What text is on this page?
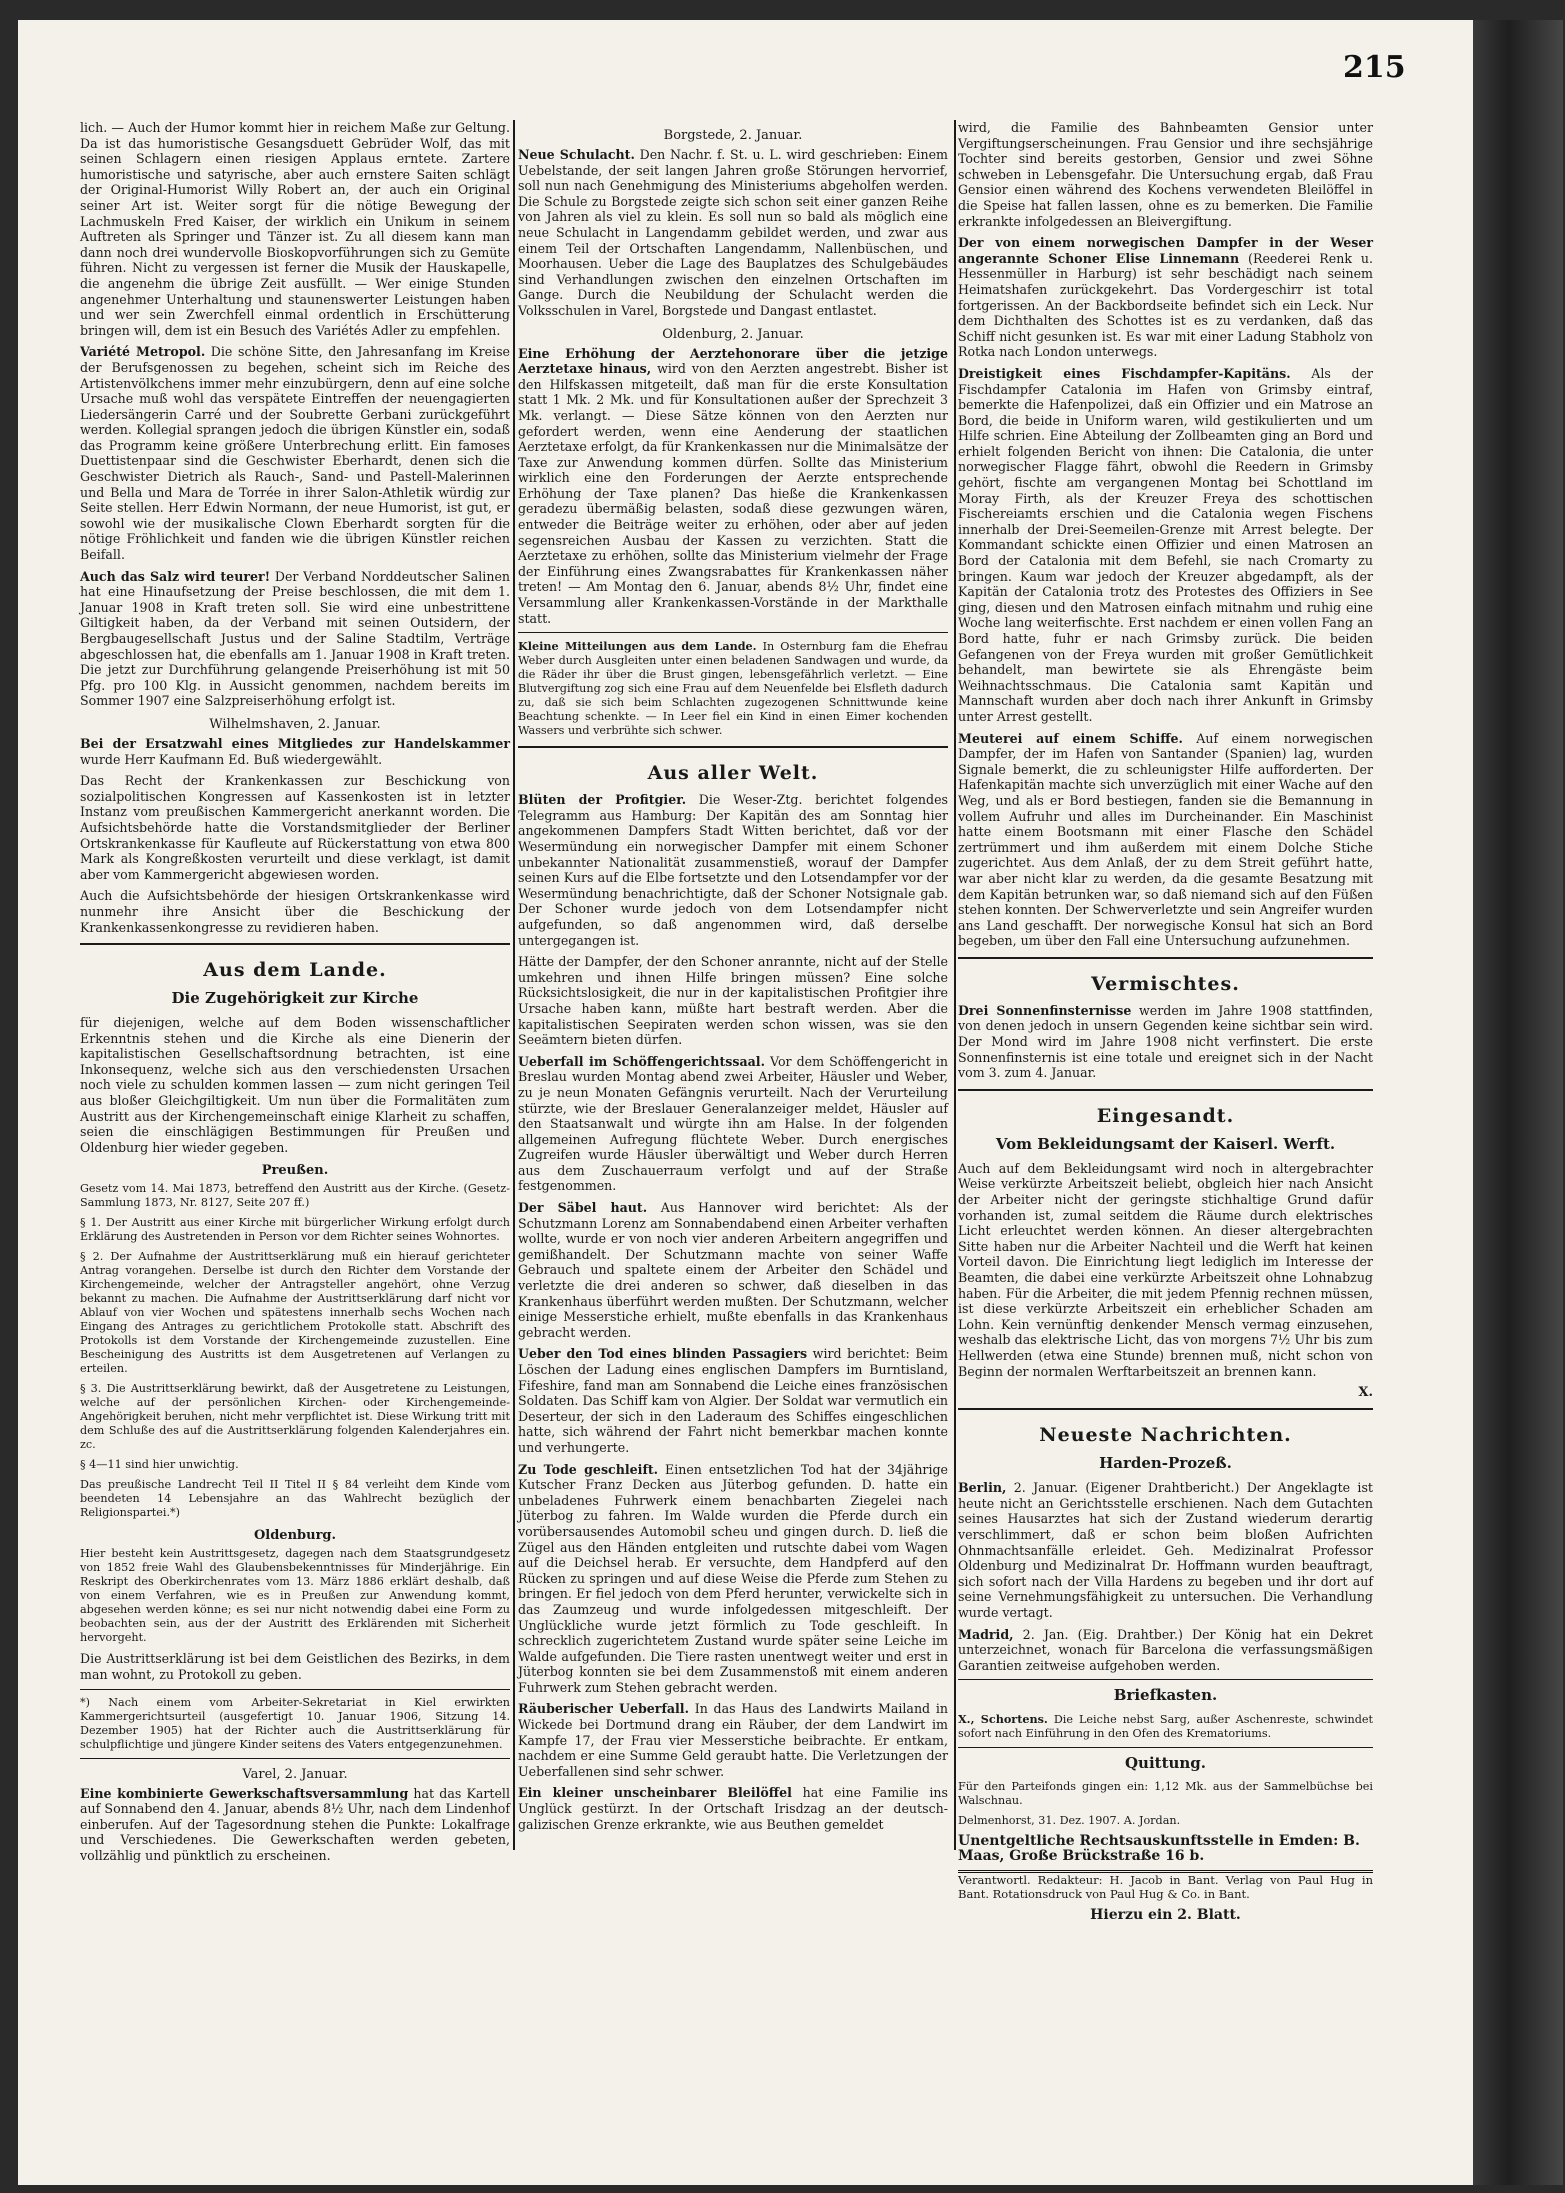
215

lich. — Auch der Humor kommt hier in reichem Maße zur Geltung. Da ist das humoristische Gesangsduett Gebrüder Wolf, das mit seinen Schlagern einen riesigen Applaus erntete. Zartere humoristische und satyrische, aber auch ernstere Saiten schlägt der Original-Humorist Willy Robert an, der auch ein Original seiner Art ist. Weiter sorgt für die nötige Bewegung der Lachmuskeln Fred Kaiser, der wirklich ein Unikum in seinem Auftreten als Springer und Tänzer ist. Zu all diesem kann man dann noch drei wundervolle Bioskopvorführungen sich zu Gemüte führen. Nicht zu vergessen ist ferner die Musik der Hauskapelle, die angenehm die übrige Zeit ausfüllt. — Wer einige Stunden angenehmer Unterhaltung und staunenswerter Leistungen haben und wer sein Zwerchfell einmal ordentlich in Erschütterung bringen will, dem ist ein Besuch des Variétés Adler zu empfehlen.

Variété Metropol. Die schöne Sitte, den Jahresanfang im Kreise der Berufsgenossen zu begehen, scheint sich im Reiche des Artistenvölkchens immer mehr einzubürgern, denn auf eine solche Ursache muß wohl das verspätete Eintreffen der neuengagierten Liedersängerin Carré und der Soubrette Gerbani zurückgeführt werden. Kollegial sprangen jedoch die übrigen Künstler ein, sodaß das Programm keine größere Unterbrechung erlitt. Ein famoses Duettistenpaar sind die Geschwister Eberhardt, denen sich die Geschwister Dietrich als Rauch-, Sand- und Pastell-Malerinnen und Bella und Mara de Torrée in ihrer Salon-Athletik würdig zur Seite stellen. Herr Edwin Normann, der neue Humorist, ist gut, er sowohl wie der musikalische Clown Eberhardt sorgten für die nötige Fröhlichkeit und fanden wie die übrigen Künstler reichen Beifall.

Auch das Salz wird teurer! Der Verband Norddeutscher Salinen hat eine Hinaufsetzung der Preise beschlossen, die mit dem 1. Januar 1908 in Kraft treten soll. Sie wird eine unbestrittene Giltigkeit haben, da der Verband mit seinen Outsidern, der Bergbaugesellschaft Justus und der Saline Stadtilm, Verträge abgeschlossen hat, die ebenfalls am 1. Januar 1908 in Kraft treten. Die jetzt zur Durchführung gelangende Preiserhöhung ist mit 50 Pfg. pro 100 Klg. in Aussicht genommen, nachdem bereits im Sommer 1907 eine Salzpreiserhöhung erfolgt ist.

Wilhelmshaven, 2. Januar.

Bei der Ersatzwahl eines Mitgliedes zur Handelskammer wurde Herr Kaufmann Ed. Buß wiedergewählt.

Das Recht der Krankenkassen zur Beschickung von sozialpolitischen Kongressen auf Kassenkosten ist in letzter Instanz vom preußischen Kammergericht anerkannt worden. Die Aufsichtsbehörde hatte die Vorstandsmitglieder der Berliner Ortskrankenkasse für Kaufleute auf Rückerstattung von etwa 800 Mark als Kongreßkosten verurteilt und diese verklagt, ist damit aber vom Kammergericht abgewiesen worden.

Auch die Aufsichtsbehörde der hiesigen Ortskrankenkasse wird nunmehr ihre Ansicht über die Beschickung der Krankenkassenkongresse zu revidieren haben.

Aus dem Lande.
Die Zugehörigkeit zur Kirche

für diejenigen, welche auf dem Boden wissenschaftlicher Erkenntnis stehen und die Kirche als eine Dienerin der kapitalistischen Gesellschaftsordnung betrachten, ist eine Inkonsequenz, welche sich aus den verschiedensten Ursachen noch viele zu schulden kommen lassen — zum nicht geringen Teil aus bloßer Gleichgiltigkeit. Um nun über die Formalitäten zum Austritt aus der Kirchengemeinschaft einige Klarheit zu schaffen, seien die einschlägigen Bestimmungen für Preußen und Oldenburg hier wieder gegeben.

Preußen.

Gesetz vom 14. Mai 1873, betreffend den Austritt aus der Kirche. (Gesetz-Sammlung 1873, Nr. 8127, Seite 207 ff.)

§ 1. Der Austritt aus einer Kirche mit bürgerlicher Wirkung erfolgt durch Erklärung des Austretenden in Person vor dem Richter seines Wohnortes.

§ 2. Der Aufnahme der Austrittserklärung muß ein hierauf gerichteter Antrag vorangehen. Derselbe ist durch den Richter dem Vorstande der Kirchengemeinde, welcher der Antragsteller angehört, ohne Verzug bekannt zu machen. Die Aufnahme der Austrittserklärung darf nicht vor Ablauf von vier Wochen und spätestens innerhalb sechs Wochen nach Eingang des Antrages zu gerichtlichem Protokolle statt. Abschrift des Protokolls ist dem Vorstande der Kirchengemeinde zuzustellen. Eine Bescheinigung des Austritts ist dem Ausgetretenen auf Verlangen zu erteilen.

§ 3. Die Austrittserklärung bewirkt, daß der Ausgetretene zu Leistungen, welche auf der persönlichen Kirchen- oder Kirchengemeinde-Angehörigkeit beruhen, nicht mehr verpflichtet ist. Diese Wirkung tritt mit dem Schluße des auf die Austrittserklärung folgenden Kalenderjahres ein. zc.

§ 4—11 sind hier unwichtig.

Das preußische Landrecht Teil II Titel II § 84 verleiht dem Kinde vom beendeten 14 Lebensjahre an das Wahlrecht bezüglich der Religionspartei.*)

Oldenburg.

Hier besteht kein Austrittsgesetz, dagegen nach dem Staatsgrundgesetz von 1852 freie Wahl des Glaubensbekenntnisses für Minderjährige. Ein Reskript des Oberkirchenrates vom 13. März 1886 erklärt deshalb, daß von einem Verfahren, wie es in Preußen zur Anwendung kommt, abgesehen werden könne; es sei nur nicht notwendig dabei eine Form zu beobachten sein, aus der der Austritt des Erklärenden mit Sicherheit hervorgeht.

Die Austrittserklärung ist bei dem Geistlichen des Bezirks, in dem man wohnt, zu Protokoll zu geben.

*) Nach einem vom Arbeiter-Sekretariat in Kiel erwirkten Kammergerichtsurteil (ausgefertigt 10. Januar 1906, Sitzung 14. Dezember 1905) hat der Richter auch die Austrittserklärung für schulpflichtige und jüngere Kinder seitens des Vaters entgegenzunehmen.

Varel, 2. Januar.

Eine kombinierte Gewerkschaftsversammlung hat das Kartell auf Sonnabend den 4. Januar, abends 8½ Uhr, nach dem Lindenhof einberufen. Auf der Tagesordnung stehen die Punkte: Lokalfrage und Verschiedenes. Die Gewerkschaften werden gebeten, vollzählig und pünktlich zu erscheinen.

Borgstede, 2. Januar.

Neue Schulacht. Den Nachr. f. St. u. L. wird geschrieben: Einem Uebelstande, der seit langen Jahren große Störungen hervorrief, soll nun nach Genehmigung des Ministeriums abgeholfen werden. Die Schule zu Borgstede zeigte sich schon seit einer ganzen Reihe von Jahren als viel zu klein. Es soll nun so bald als möglich eine neue Schulacht in Langendamm gebildet werden, und zwar aus einem Teil der Ortschaften Langendamm, Nallenbüschen, und Moorhausen. Ueber die Lage des Bauplatzes des Schulgebäudes sind Verhandlungen zwischen den einzelnen Ortschaften im Gange. Durch die Neubildung der Schulacht werden die Volksschulen in Varel, Borgstede und Dangast entlastet.

Oldenburg, 2. Januar.

Eine Erhöhung der Aerztehonorare über die jetzige Aerztetaxe hinaus, wird von den Aerzten angestrebt. Bisher ist den Hilfskassen mitgeteilt, daß man für die erste Konsultation statt 1 Mk. 2 Mk. und für Konsultationen außer der Sprechzeit 3 Mk. verlangt. — Diese Sätze können von den Aerzten nur gefordert werden, wenn eine Aenderung der staatlichen Aerztetaxe erfolgt, da für Krankenkassen nur die Minimalsätze der Taxe zur Anwendung kommen dürfen. Sollte das Ministerium wirklich eine den Forderungen der Aerzte entsprechende Erhöhung der Taxe planen? Das hieße die Krankenkassen geradezu übermäßig belasten, sodaß diese gezwungen wären, entweder die Beiträge weiter zu erhöhen, oder aber auf jeden segensreichen Ausbau der Kassen zu verzichten. Statt die Aerztetaxe zu erhöhen, sollte das Ministerium vielmehr der Frage der Einführung eines Zwangsrabattes für Krankenkassen näher treten! — Am Montag den 6. Januar, abends 8½ Uhr, findet eine Versammlung aller Krankenkassen-Vorstände in der Markthalle statt.

Kleine Mitteilungen aus dem Lande. In Osternburg fam die Ehefrau Weber durch Ausgleiten unter einen beladenen Sandwagen und wurde, da die Räder ihr über die Brust gingen, lebensgefährlich verletzt. — Eine Blutvergiftung zog sich eine Frau auf dem Neuenfelde bei Elsfleth dadurch zu, daß sie sich beim Schlachten zugezogenen Schnittwunde keine Beachtung schenkte. — In Leer fiel ein Kind in einen Eimer kochenden Wassers und verbrühte sich schwer.

Aus aller Welt.

Blüten der Profitgier. Die Weser-Ztg. berichtet folgendes Telegramm aus Hamburg: Der Kapitän des am Sonntag hier angekommenen Dampfers Stadt Witten berichtet, daß vor der Wesermündung ein norwegischer Dampfer mit einem Schoner unbekannter Nationalität zusammenstieß, worauf der Dampfer seinen Kurs auf die Elbe fortsetzte und den Lotsendampfer vor der Wesermündung benachrichtigte, daß der Schoner Notsignale gab. Der Schoner wurde jedoch von dem Lotsendampfer nicht aufgefunden, so daß angenommen wird, daß derselbe untergegangen ist.

Hätte der Dampfer, der den Schoner anrannte, nicht auf der Stelle umkehren und ihnen Hilfe bringen müssen? Eine solche Rücksichtslosigkeit, die nur in der kapitalistischen Profitgier ihre Ursache haben kann, müßte hart bestraft werden. Aber die kapitalistischen Seepiraten werden schon wissen, was sie den Seeämtern bieten dürfen.

Ueberfall im Schöffengerichtssaal. Vor dem Schöffengericht in Breslau wurden Montag abend zwei Arbeiter, Häusler und Weber, zu je neun Monaten Gefängnis verurteilt. Nach der Verurteilung stürzte, wie der Breslauer Generalanzeiger meldet, Häusler auf den Staatsanwalt und würgte ihn am Halse. In der folgenden allgemeinen Aufregung flüchtete Weber. Durch energisches Zugreifen wurde Häusler überwältigt und Weber durch Herren aus dem Zuschauerraum verfolgt und auf der Straße festgenommen.

Der Säbel haut. Aus Hannover wird berichtet: Als der Schutzmann Lorenz am Sonnabendabend einen Arbeiter verhaften wollte, wurde er von noch vier anderen Arbeitern angegriffen und gemißhandelt. Der Schutzmann machte von seiner Waffe Gebrauch und spaltete einem der Arbeiter den Schädel und verletzte die drei anderen so schwer, daß dieselben in das Krankenhaus überführt werden mußten. Der Schutzmann, welcher einige Messerstiche erhielt, mußte ebenfalls in das Krankenhaus gebracht werden.

Ueber den Tod eines blinden Passagiers wird berichtet: Beim Löschen der Ladung eines englischen Dampfers im Burntisland, Fifeshire, fand man am Sonnabend die Leiche eines französischen Soldaten. Das Schiff kam von Algier. Der Soldat war vermutlich ein Deserteur, der sich in den Laderaum des Schiffes eingeschlichen hatte, sich während der Fahrt nicht bemerkbar machen konnte und verhungerte.

Zu Tode geschleift. Einen entsetzlichen Tod hat der 34jährige Kutscher Franz Decken aus Jüterbog gefunden. D. hatte ein unbeladenes Fuhrwerk einem benachbarten Ziegelei nach Jüterbog zu fahren. Im Walde wurden die Pferde durch ein vorübersausendes Automobil scheu und gingen durch. D. ließ die Zügel aus den Händen entgleiten und rutschte dabei vom Wagen auf die Deichsel herab. Er versuchte, dem Handpferd auf den Rücken zu springen und auf diese Weise die Pferde zum Stehen zu bringen. Er fiel jedoch von dem Pferd herunter, verwickelte sich in das Zaumzeug und wurde infolgedessen mitgeschleift. Der Unglückliche wurde jetzt förmlich zu Tode geschleift. In schrecklich zugerichtetem Zustand wurde später seine Leiche im Walde aufgefunden. Die Tiere rasten unentwegt weiter und erst in Jüterbog konnten sie bei dem Zusammenstoß mit einem anderen Fuhrwerk zum Stehen gebracht werden.

Räuberischer Ueberfall. In das Haus des Landwirts Mailand in Wickede bei Dortmund drang ein Räuber, der dem Landwirt im Kampfe 17, der Frau vier Messerstiche beibrachte. Er entkam, nachdem er eine Summe Geld geraubt hatte. Die Verletzungen der Ueberfallenen sind sehr schwer.

Ein kleiner unscheinbarer Bleilöffel hat eine Familie ins Unglück gestürzt. In der Ortschaft Irisdzag an der deutsch-galizischen Grenze erkrankte, wie aus Beuthen gemeldet

wird, die Familie des Bahnbeamten Gensior unter Vergiftungserscheinungen. Frau Gensior und ihre sechsjährige Tochter sind bereits gestorben, Gensior und zwei Söhne schweben in Lebensgefahr. Die Untersuchung ergab, daß Frau Gensior einen während des Kochens verwendeten Bleilöffel in die Speise hat fallen lassen, ohne es zu bemerken. Die Familie erkrankte infolgedessen an Bleivergiftung.

Der von einem norwegischen Dampfer in der Weser angerannte Schoner Elise Linnemann (Reederei Renk u. Hessenmüller in Harburg) ist sehr beschädigt nach seinem Heimatshafen zurückgekehrt. Das Vordergeschirr ist total fortgerissen. An der Backbordseite befindet sich ein Leck. Nur dem Dichthalten des Schottes ist es zu verdanken, daß das Schiff nicht gesunken ist. Es war mit einer Ladung Stabholz von Rotka nach London unterwegs.

Dreistigkeit eines Fischdampfer-Kapitäns. Als der Fischdampfer Catalonia im Hafen von Grimsby eintraf, bemerkte die Hafenpolizei, daß ein Offizier und ein Matrose an Bord, die beide in Uniform waren, wild gestikulierten und um Hilfe schrien. Eine Abteilung der Zollbeamten ging an Bord und erhielt folgenden Bericht von ihnen: Die Catalonia, die unter norwegischer Flagge fährt, obwohl die Reedern in Grimsby gehört, fischte am vergangenen Montag bei Schottland im Moray Firth, als der Kreuzer Freya des schottischen Fischereiamts erschien und die Catalonia wegen Fischens innerhalb der Drei-Seemeilen-Grenze mit Arrest belegte. Der Kommandant schickte einen Offizier und einen Matrosen an Bord der Catalonia mit dem Befehl, sie nach Cromarty zu bringen. Kaum war jedoch der Kreuzer abgedampft, als der Kapitän der Catalonia trotz des Protestes des Offiziers in See ging, diesen und den Matrosen einfach mitnahm und ruhig eine Woche lang weiterfischte. Erst nachdem er einen vollen Fang an Bord hatte, fuhr er nach Grimsby zurück. Die beiden Gefangenen von der Freya wurden mit großer Gemütlichkeit behandelt, man bewirtete sie als Ehrengäste beim Weihnachtsschmaus. Die Catalonia samt Kapitän und Mannschaft wurden aber doch nach ihrer Ankunft in Grimsby unter Arrest gestellt.

Meuterei auf einem Schiffe. Auf einem norwegischen Dampfer, der im Hafen von Santander (Spanien) lag, wurden Signale bemerkt, die zu schleunigster Hilfe aufforderten. Der Hafenkapitän machte sich unverzüglich mit einer Wache auf den Weg, und als er Bord bestiegen, fanden sie die Bemannung in vollem Aufruhr und alles im Durcheinander. Ein Maschinist hatte einem Bootsmann mit einer Flasche den Schädel zertrümmert und ihm außerdem mit einem Dolche Stiche zugerichtet. Aus dem Anlaß, der zu dem Streit geführt hatte, war aber nicht klar zu werden, da die gesamte Besatzung mit dem Kapitän betrunken war, so daß niemand sich auf den Füßen stehen konnten. Der Schwerverletzte und sein Angreifer wurden ans Land geschafft. Der norwegische Konsul hat sich an Bord begeben, um über den Fall eine Untersuchung aufzunehmen.

Vermischtes.

Drei Sonnenfinsternisse werden im Jahre 1908 stattfinden, von denen jedoch in unsern Gegenden keine sichtbar sein wird. Der Mond wird im Jahre 1908 nicht verfinstert. Die erste Sonnenfinsternis ist eine totale und ereignet sich in der Nacht vom 3. zum 4. Januar.

Eingesandt.
Vom Bekleidungsamt der Kaiserl. Werft.

Auch auf dem Bekleidungsamt wird noch in altergebrachter Weise verkürzte Arbeitszeit beliebt, obgleich hier nach Ansicht der Arbeiter nicht der geringste stichhaltige Grund dafür vorhanden ist, zumal seitdem die Räume durch elektrisches Licht erleuchtet werden können. An dieser altergebrachten Sitte haben nur die Arbeiter Nachteil und die Werft hat keinen Vorteil davon. Die Einrichtung liegt lediglich im Interesse der Beamten, die dabei eine verkürzte Arbeitszeit ohne Lohnabzug haben. Für die Arbeiter, die mit jedem Pfennig rechnen müssen, ist diese verkürzte Arbeitszeit ein erheblicher Schaden am Lohn. Kein vernünftig denkender Mensch vermag einzusehen, weshalb das elektrische Licht, das von morgens 7½ Uhr bis zum Hellwerden (etwa eine Stunde) brennen muß, nicht schon von Beginn der normalen Werftarbeitszeit an brennen kann.

X.
Neueste Nachrichten.
Harden-Prozeß.

Berlin, 2. Januar. (Eigener Drahtbericht.) Der Angeklagte ist heute nicht an Gerichtsstelle erschienen. Nach dem Gutachten seines Hausarztes hat sich der Zustand wiederum derartig verschlimmert, daß er schon beim bloßen Aufrichten Ohnmachtsanfälle erleidet. Geh. Medizinalrat Professor Oldenburg und Medizinalrat Dr. Hoffmann wurden beauftragt, sich sofort nach der Villa Hardens zu begeben und ihr dort auf seine Vernehmungsfähigkeit zu untersuchen. Die Verhandlung wurde vertagt.

Madrid, 2. Jan. (Eig. Drahtber.) Der König hat ein Dekret unterzeichnet, wonach für Barcelona die verfassungsmäßigen Garantien zeitweise aufgehoben werden.

Briefkasten.

X., Schortens. Die Leiche nebst Sarg, außer Aschenreste, schwindet sofort nach Einführung in den Ofen des Krematoriums.

Quittung.

Für den Parteifonds gingen ein: 1,12 Mk. aus der Sammelbüchse bei Walschnau.

Delmenhorst, 31. Dez. 1907. A. Jordan.

Unentgeltliche Rechtsauskunftsstelle in Emden: B. Maas, Große Brückstraße 16 b.

Verantwortl. Redakteur: H. Jacob in Bant. Verlag von Paul Hug in Bant. Rotationsdruck von Paul Hug & Co. in Bant.

Hierzu ein 2. Blatt.
